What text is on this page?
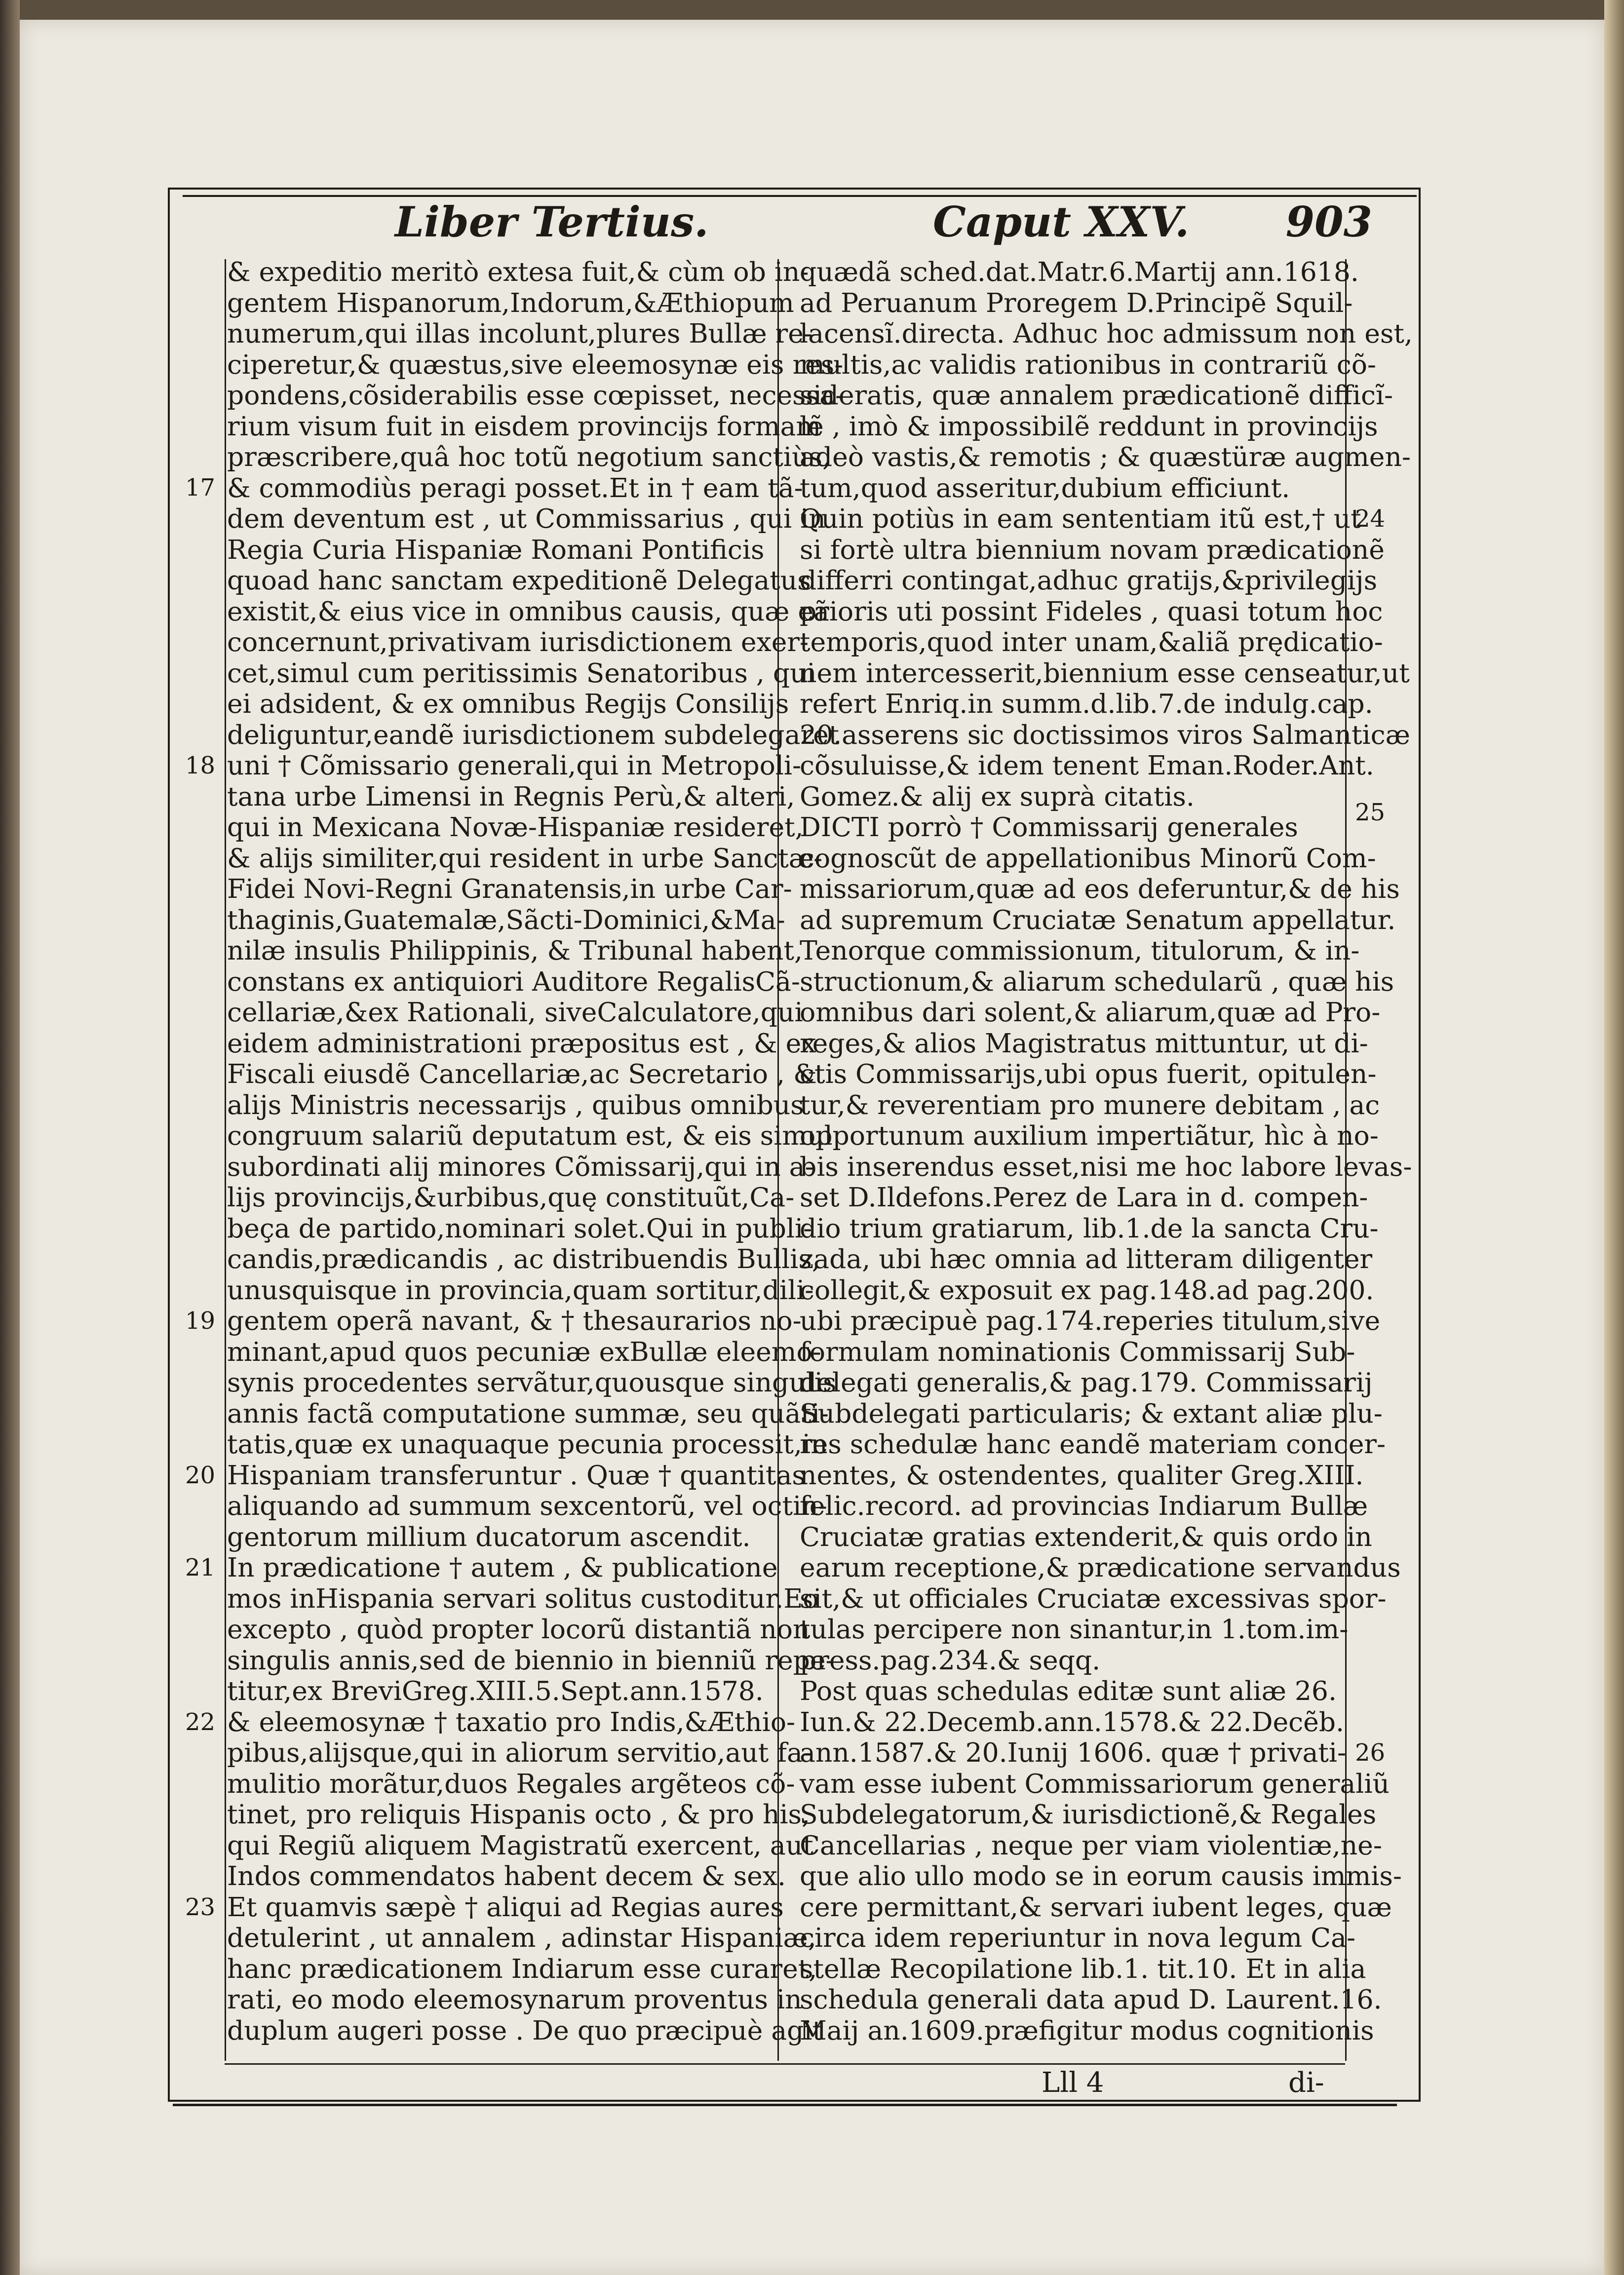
Liber Tertius.	Caput XXV. 903
& expeditio meritò extesa fuit,& cùm ob in-
gentem Hispanorum,Indorum,&Æthiopum
numerum,qui illas incolunt,plures Bullæ re-
ciperetur,& quæstus,sive eleemosynæ eis res-
pondens,cõsiderabilis esse cœpisset, necessa-
rium visum fuit in eisdem provincijs formam
præscribere,quâ hoc totũ negotium sanctiùs,
& commodiùs peragi posset.Et in † eam tã-
dem deventum est , ut Commissarius , qui in
Regia Curia Hispaniæ Romani Pontificis
quoad hanc sanctam expeditionẽ Delegatus
existit,& eius vice in omnibus causis, quæ eã
concernunt,privativam iurisdictionem exer-
cet,simul cum peritissimis Senatoribus , qui
ei adsident, & ex omnibus Regijs Consilijs
deliguntur,eandẽ iurisdictionem subdelegaret
uni † Cõmissario generali,qui in Metropoli-
tana urbe Limensi in Regnis Perù,& alteri,
qui in Mexicana Novæ-Hispaniæ resideret,
& alijs similiter,qui resident in urbe Sanctæ-
Fidei Novi-Regni Granatensis,in urbe Car-
thaginis,Guatemalæ,Sãcti-Dominici,&Ma-
nilæ insulis Philippinis, & Tribunal habent,
constans ex antiquiori Auditore RegalisCã-
cellariæ,&ex Rationali, siveCalculatore,qui
eidem administrationi præpositus est , & ex
Fiscali eiusdẽ Cancellariæ,ac Secretario , &
alijs Ministris necessarijs , quibus omnibus
congruum salariũ deputatum est, & eis simul
subordinati alij minores Cõmissarij,qui in a-
lijs provincijs,&urbibus,quę constituũt,Ca-
beça de partido,nominari solet.Qui in publi-
candis,prædicandis , ac distribuendis Bullis,
unusquisque in provincia,quam sortitur,dili-
gentem operã navant, & † thesaurarios no-
minant,apud quos pecuniæ exBullæ eleemo-
synis procedentes servãtur,quousque singulis
annis factã computatione summæ, seu quãti-
tatis,quæ ex unaquaque pecunia processit,in
Hispaniam transferuntur . Quæ † quantitas
aliquando ad summum sexcentorũ, vel octin-
gentorum millium ducatorum ascendit.
In prædicatione † autem , & publicatione
mos inHispania servari solitus custoditur.Eo
excepto , quòd propter locorũ distantiã non
singulis annis,sed de biennio in bienniũ repe-
titur,ex BreviGreg.XIII.5.Sept.ann.1578.
& eleemosynæ † taxatio pro Indis,&Æthio-
pibus,alijsque,qui in aliorum servitio,aut fa-
mulitio morãtur,duos Regales argẽteos cõ-
tinet, pro reliquis Hispanis octo , & pro his,
qui Regiũ aliquem Magistratũ exercent, aut
Indos commendatos habent decem & sex.
Et quamvis sæpè † aliqui ad Regias aures
detulerint , ut annalem , adinstar Hispaniæ,
hanc prædicationem Indiarum esse curaret,
rati, eo modo eleemosynarum proventus in
duplum augeri posse . De quo præcipuè agit
quædã sched.dat.Matr.6.Martij ann.1618.
ad Peruanum Proregem D.Principẽ Squil-
lacensĩ.directa. Adhuc hoc admissum non est,
multis,ac validis rationibus in contrariũ cõ-
sideratis, quæ annalem prædicationẽ difficĩ-
lẽ , imò & impossibilẽ reddunt in provincijs
adeò vastis,& remotis ; & quæstüræ augmen-
tum,quod asseritur,dubium efficiunt.
Quin potiùs in eam sententiam itũ est,† ut
si fortè ultra biennium novam prædicationẽ
differri contingat,adhuc gratijs,&privilegijs
prioris uti possint Fideles , quasi totum hoc
temporis,quod inter unam,&aliã prędicatio-
nem intercesserit,biennium esse censeatur,ut
refert Enriq.in summ.d.lib.7.de indulg.cap.
20.asserens sic doctissimos viros Salmanticæ
cõsuluisse,& idem tenent Eman.Roder.Ant.
Gomez.& alij ex suprà citatis.
DICTI porrò † Commissarij generales
cognoscũt de appellationibus Minorũ Com-
missariorum,quæ ad eos deferuntur,& de his
ad supremum Cruciatæ Senatum appellatur.
Tenorque commissionum, titulorum, & in-
structionum,& aliarum schedularũ , quæ his
omnibus dari solent,& aliarum,quæ ad Pro-
reges,& alios Magistratus mittuntur, ut di-
ctis Commissarijs,ubi opus fuerit, opitulen-
tur,& reverentiam pro munere debitam , ac
opportunum auxilium impertiãtur, hìc à no-
bis inserendus esset,nisi me hoc labore levas-
set D.Ildefons.Perez de Lara in d. compen-
dio trium gratiarum, lib.1.de la sancta Cru-
zada, ubi hæc omnia ad litteram diligenter
collegit,& exposuit ex pag.148.ad pag.200.
ubi præcipuè pag.174.reperies titulum,sive
formulam nominationis Commissarij Sub-
delegati generalis,& pag.179. Commissarij
Subdelegati particularis; & extant aliæ plu-
res schedulæ hanc eandẽ materiam concer-
nentes, & ostendentes, qualiter Greg.XIII.
felic.record. ad provincias Indiarum Bullæ
Cruciatæ gratias extenderit,& quis ordo in
earum receptione,& prædicatione servandus
sit,& ut officiales Cruciatæ excessivas spor-
tulas percipere non sinantur,in 1.tom.im-
press.pag.234.& seqq.
Post quas schedulas editæ sunt aliæ 26.
Iun.& 22.Decemb.ann.1578.& 22.Decẽb.
ann.1587.& 20.Iunij 1606. quæ † privati-
vam esse iubent Commissariorum generaliũ
Subdelegatorum,& iurisdictionẽ,& Regales
Cancellarias , neque per viam violentiæ,ne-
que alio ullo modo se in eorum causis immis-
cere permittant,& servari iubent leges, quæ
circa idem reperiuntur in nova legum Ca-
stellæ Recopilatione lib.1. tit.10. Et in alia
schedula generali data apud D. Laurent.16.
Maij an.1609.præfigitur modus cognitionis
17
18
19
20
21
22
23
24
25
26
Lll 4	di-
